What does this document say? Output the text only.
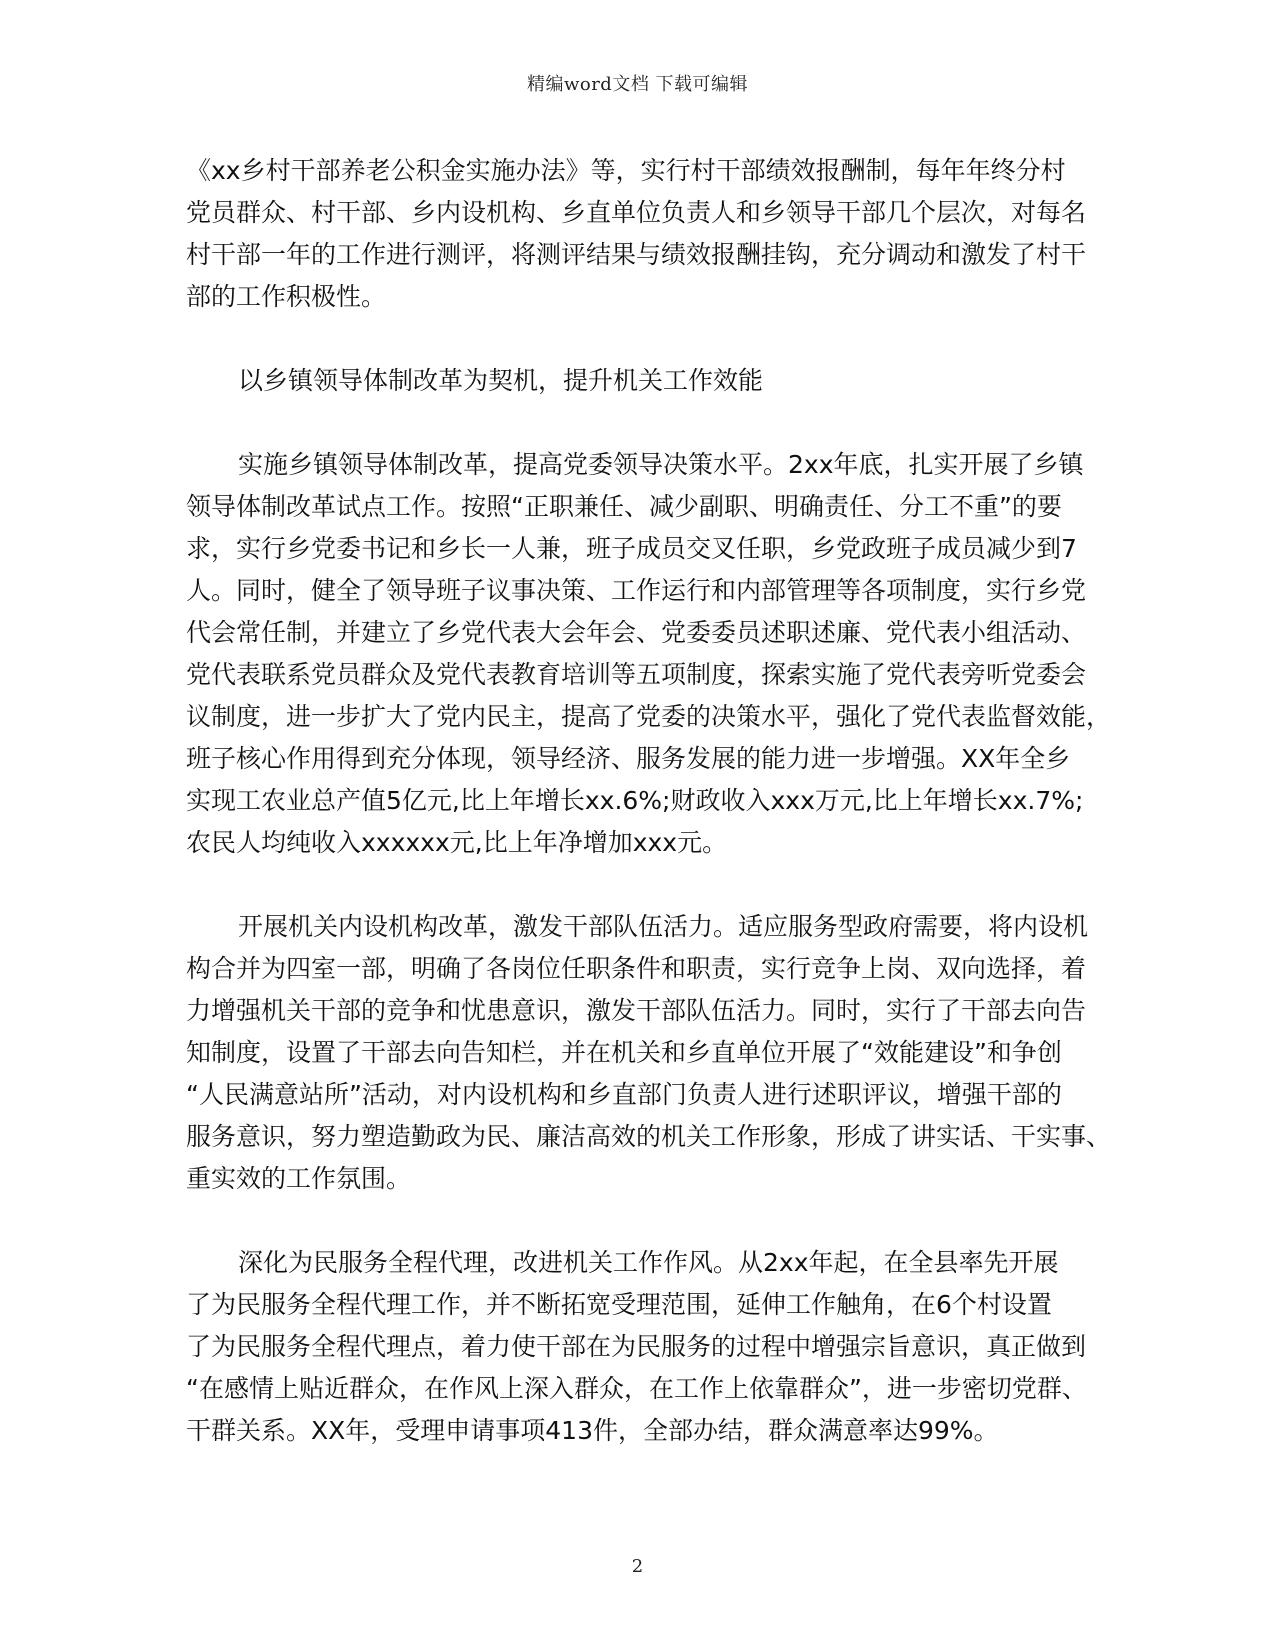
精编word文档 下载可编辑

《xx乡村干部养老公积金实施办法》等，实行村干部绩效报酬制，每年年终分村
党员群众、村干部、乡内设机构、乡直单位负责人和乡领导干部几个层次，对每名
村干部一年的工作进行测评，将测评结果与绩效报酬挂钩，充分调动和激发了村干
部的工作积极性。

以乡镇领导体制改革为契机，提升机关工作效能

实施乡镇领导体制改革，提高党委领导决策水平。2xx年底，扎实开展了乡镇
领导体制改革试点工作。按照“正职兼任、减少副职、明确责任、分工不重”的要
求，实行乡党委书记和乡长一人兼，班子成员交叉任职，乡党政班子成员减少到7
人。同时，健全了领导班子议事决策、工作运行和内部管理等各项制度，实行乡党
代会常任制，并建立了乡党代表大会年会、党委委员述职述廉、党代表小组活动、
党代表联系党员群众及党代表教育培训等五项制度，探索实施了党代表旁听党委会
议制度，进一步扩大了党内民主，提高了党委的决策水平，强化了党代表监督效能，
班子核心作用得到充分体现，领导经济、服务发展的能力进一步增强。XX年全乡
实现工农业总产值5亿元,比上年增长xx.6%;财政收入xxx万元,比上年增长xx.7%;
农民人均纯收入xxxxxx元,比上年净增加xxx元。

开展机关内设机构改革，激发干部队伍活力。适应服务型政府需要，将内设机
构合并为四室一部，明确了各岗位任职条件和职责，实行竞争上岗、双向选择，着
力增强机关干部的竞争和忧患意识，激发干部队伍活力。同时，实行了干部去向告
知制度，设置了干部去向告知栏，并在机关和乡直单位开展了“效能建设”和争创
“人民满意站所”活动，对内设机构和乡直部门负责人进行述职评议，增强干部的
服务意识，努力塑造勤政为民、廉洁高效的机关工作形象，形成了讲实话、干实事、
重实效的工作氛围。

深化为民服务全程代理，改进机关工作作风。从2xx年起，在全县率先开展
了为民服务全程代理工作，并不断拓宽受理范围，延伸工作触角，在6个村设置
了为民服务全程代理点，着力使干部在为民服务的过程中增强宗旨意识，真正做到
“在感情上贴近群众，在作风上深入群众，在工作上依靠群众”，进一步密切党群、
干群关系。XX年，受理申请事项413件，全部办结，群众满意率达99%。

2
